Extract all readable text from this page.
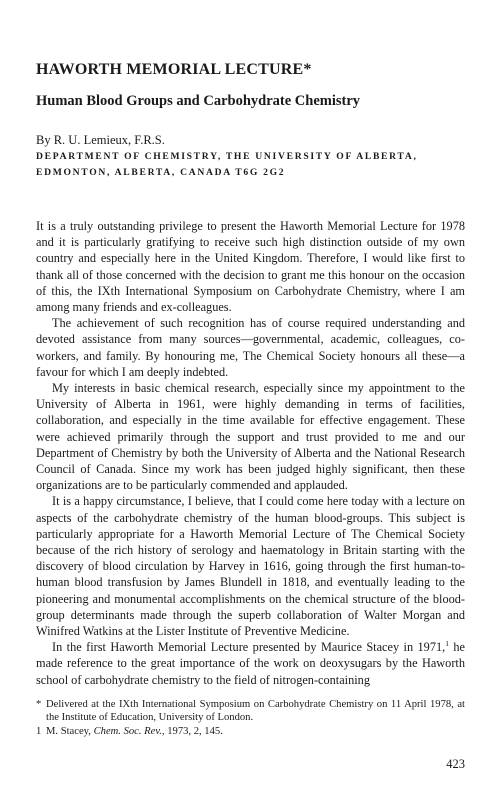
HAWORTH MEMORIAL LECTURE*
Human Blood Groups and Carbohydrate Chemistry
By R. U. Lemieux, F.R.S.
DEPARTMENT OF CHEMISTRY, THE UNIVERSITY OF ALBERTA,
EDMONTON, ALBERTA, CANADA T6G 2G2

It is a truly outstanding privilege to present the Haworth Memorial Lecture for 1978 and it is particularly gratifying to receive such high distinction outside of my own country and especially here in the United Kingdom. Therefore, I would like first to thank all of those concerned with the decision to grant me this honour on the occasion of this, the IXth International Symposium on Carbohydrate Chemistry, where I am among many friends and ex-colleagues.

The achievement of such recognition has of course required understanding and devoted assistance from many sources—governmental, academic, colleagues, co-workers, and family. By honouring me, The Chemical Society honours all these—a favour for which I am deeply indebted.

My interests in basic chemical research, especially since my appointment to the University of Alberta in 1961, were highly demanding in terms of facilities, collaboration, and especially in the time available for effective engagement. These were achieved primarily through the support and trust provided to me and our Department of Chemistry by both the University of Alberta and the National Research Council of Canada. Since my work has been judged highly significant, then these organizations are to be particularly commended and applauded.

It is a happy circumstance, I believe, that I could come here today with a lecture on aspects of the carbohydrate chemistry of the human blood-groups. This subject is particularly appropriate for a Haworth Memorial Lecture of The Chemical Society because of the rich history of serology and haematology in Britain starting with the discovery of blood circulation by Harvey in 1616, going through the first human-to-human blood transfusion by James Blundell in 1818, and eventually leading to the pioneering and monumental accomplishments on the chemical structure of the blood-group determinants made through the superb collaboration of Walter Morgan and Winifred Watkins at the Lister Institute of Preventive Medicine.

In the first Haworth Memorial Lecture presented by Maurice Stacey in 1971,$^1$ he made reference to the great importance of the work on deoxysugars by the Haworth school of carbohydrate chemistry to the field of nitrogen-containing

* Delivered at the IXth International Symposium on Carbohydrate Chemistry on 11 April 1978, at the Institute of Education, University of London.
1 M. Stacey, Chem. Soc. Rev., 1973, 2, 145.
423
